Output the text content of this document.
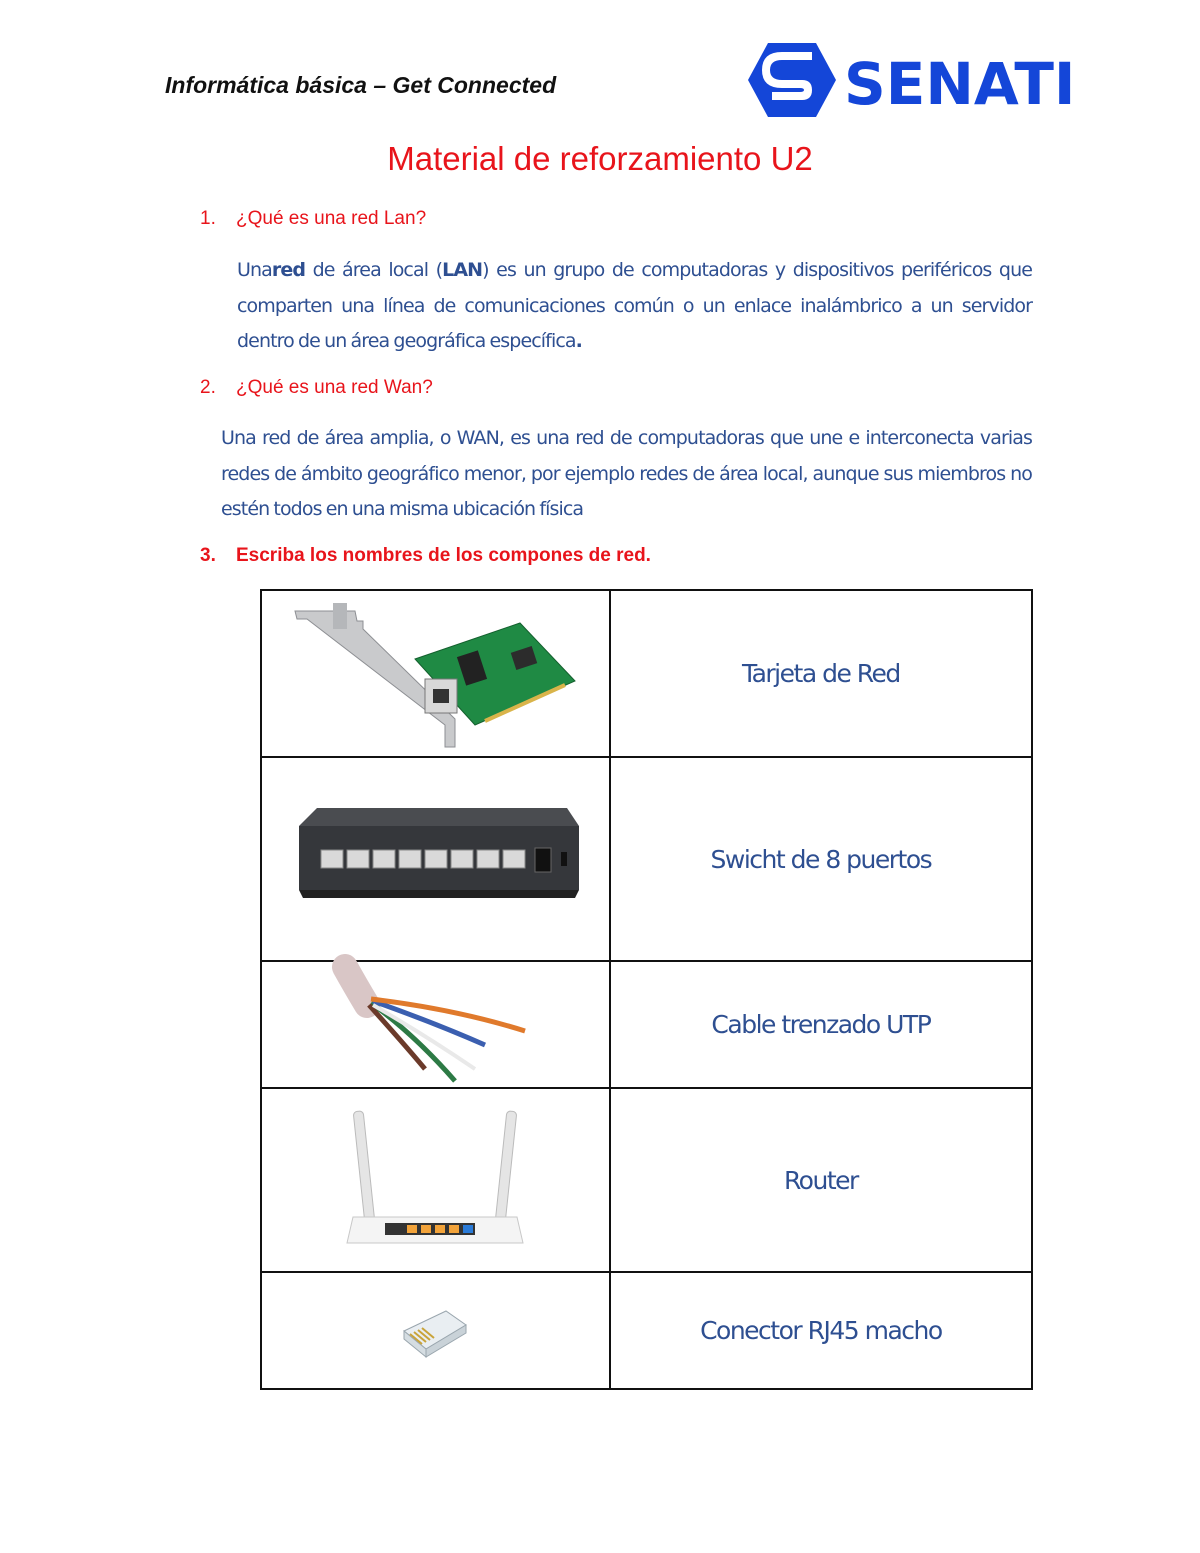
Informática básica – Get Connected	SENATI
Material de reforzamiento U2
1. ¿Qué es una red Lan?
Unared de área local (LAN) es un grupo de computadoras y dispositivos periféricos que comparten una línea de comunicaciones común o un enlace inalámbrico a un servidor dentro de un área geográfica específica.
2. ¿Qué es una red Wan?
Una red de área amplia, o WAN, es una red de computadoras que une e interconecta varias redes de ámbito geográfico menor, por ejemplo redes de área local, aunque sus miembros no estén todos en una misma ubicación física
3. Escriba los nombres de los compones de red.
	Tarjeta de Red

	Swicht de 8 puertos

	Cable trenzado UTP

	Router

	Conector RJ45 macho
